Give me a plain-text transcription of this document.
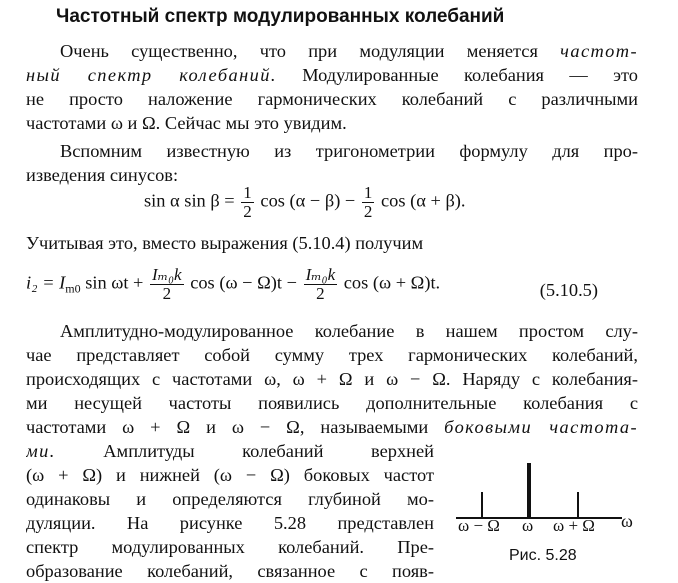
Частотный спектр модулированных колебаний
Очень существенно, что при модуляции меняется частот-
ный спектр колебаний. Модулированные колебания — это
не просто наложение гармонических колебаний с различными
частотами ω и Ω. Сейчас мы это увидим.
Вспомним известную из тригонометрии формулу для про-
изведения синусов:
sin α $\sin \beta = \frac{1}{2}$ $\cos (\alpha - \beta) - \frac{1}{2}$ cos (α + β).
Учитывая это, вместо выражения (5.10.4) получим
$i_2 = I_{m0}$ $\sin \omega t + \frac{\text{Iₘ₀k}}{2}$ $\cos (\omega - \Omega)t - \frac{\text{Iₘ₀k}}{2}$ cos (ω + Ω)t.	(5.10.5)
Амплитудно-модулированное колебание в нашем простом слу-
чае представляет собой сумму трех гармонических колебаний,
происходящих с частотами ω, ω + Ω и ω − Ω. Наряду с колебания-
ми несущей частоты появились дополнительные колебания с
частотами ω + Ω и ω − Ω, называемыми боковыми частота-
ми.	Амплитуды колебаний верхней
(ω + Ω) и нижней (ω − Ω) боковых частот
одинаковы и определяются глубиной мо-
дуляции. На рисунке 5.28 представлен
спектр модулированных колебаний. Пре-
образование колебаний, связанное с появ-
ω − Ω ω ω + Ω ω
Рис. 5.28
